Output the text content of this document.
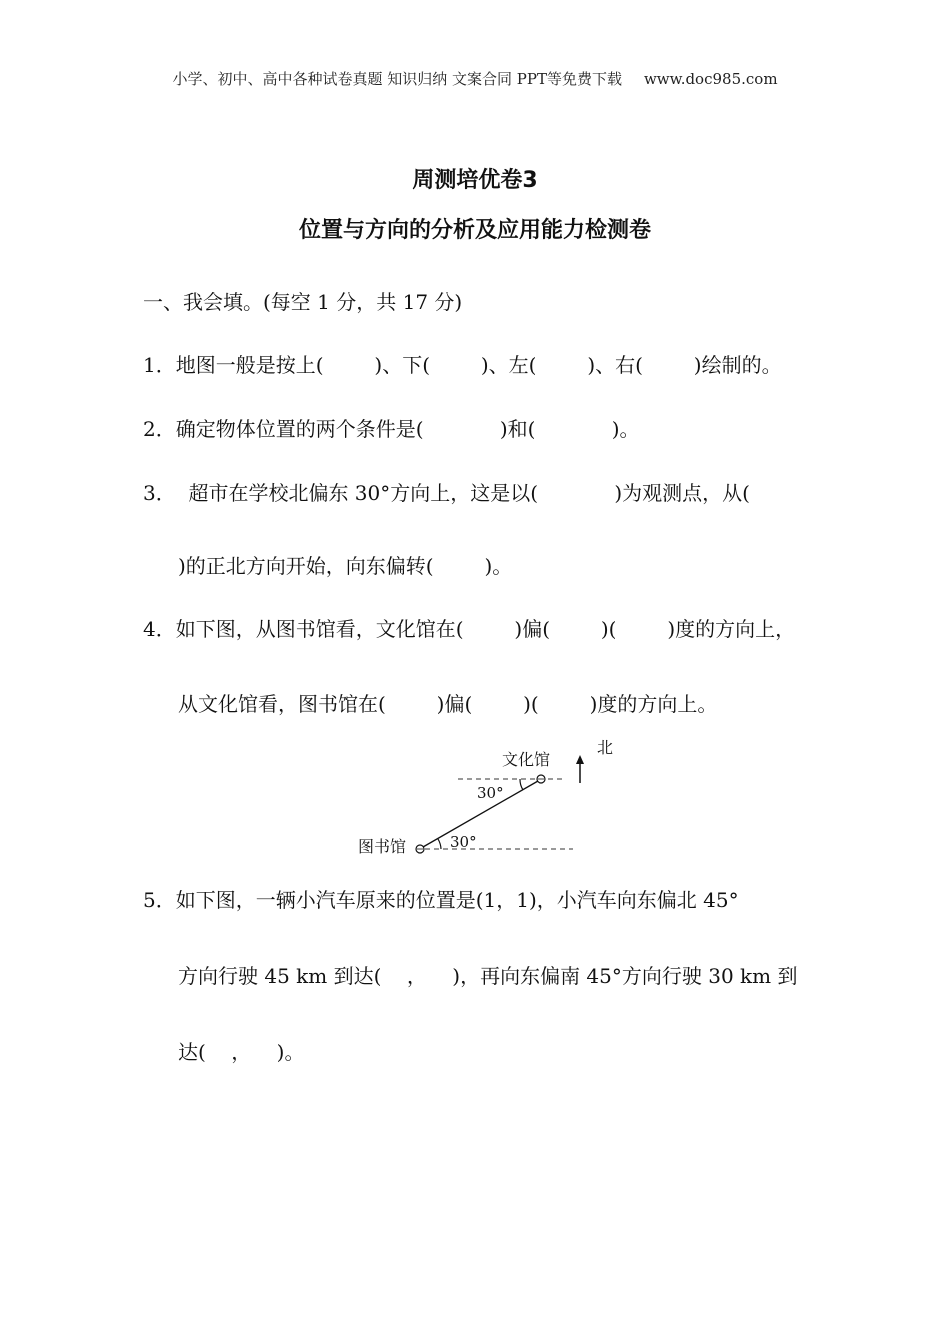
小学、初中、高中各种试卷真题 知识归纳 文案合同 PPT等免费下载 www.doc985.com
周测培优卷3
位置与方向的分析及应用能力检测卷
一、我会填。(每空 1 分，共 17 分)
1．地图一般是按上(        )、下(        )、左(        )、右(        )绘制的。
2．确定物体位置的两个条件是(            )和(            )。
3．  超市在学校北偏东 30°方向上，这是以(            )为观测点，从(
)的正北方向开始，向东偏转(        )。
4．如下图，从图书馆看，文化馆在(        )偏(        )(        )度的方向上，
从文化馆看，图书馆在(        )偏(        )(        )度的方向上。
北
文化馆
图书馆
30°
30°
5．如下图，一辆小汽车原来的位置是(1，1)，小汽车向东偏北 45°
方向行驶 45 km 到达(    ，    )，再向东偏南 45°方向行驶 30 km 到
达(    ，    )。
